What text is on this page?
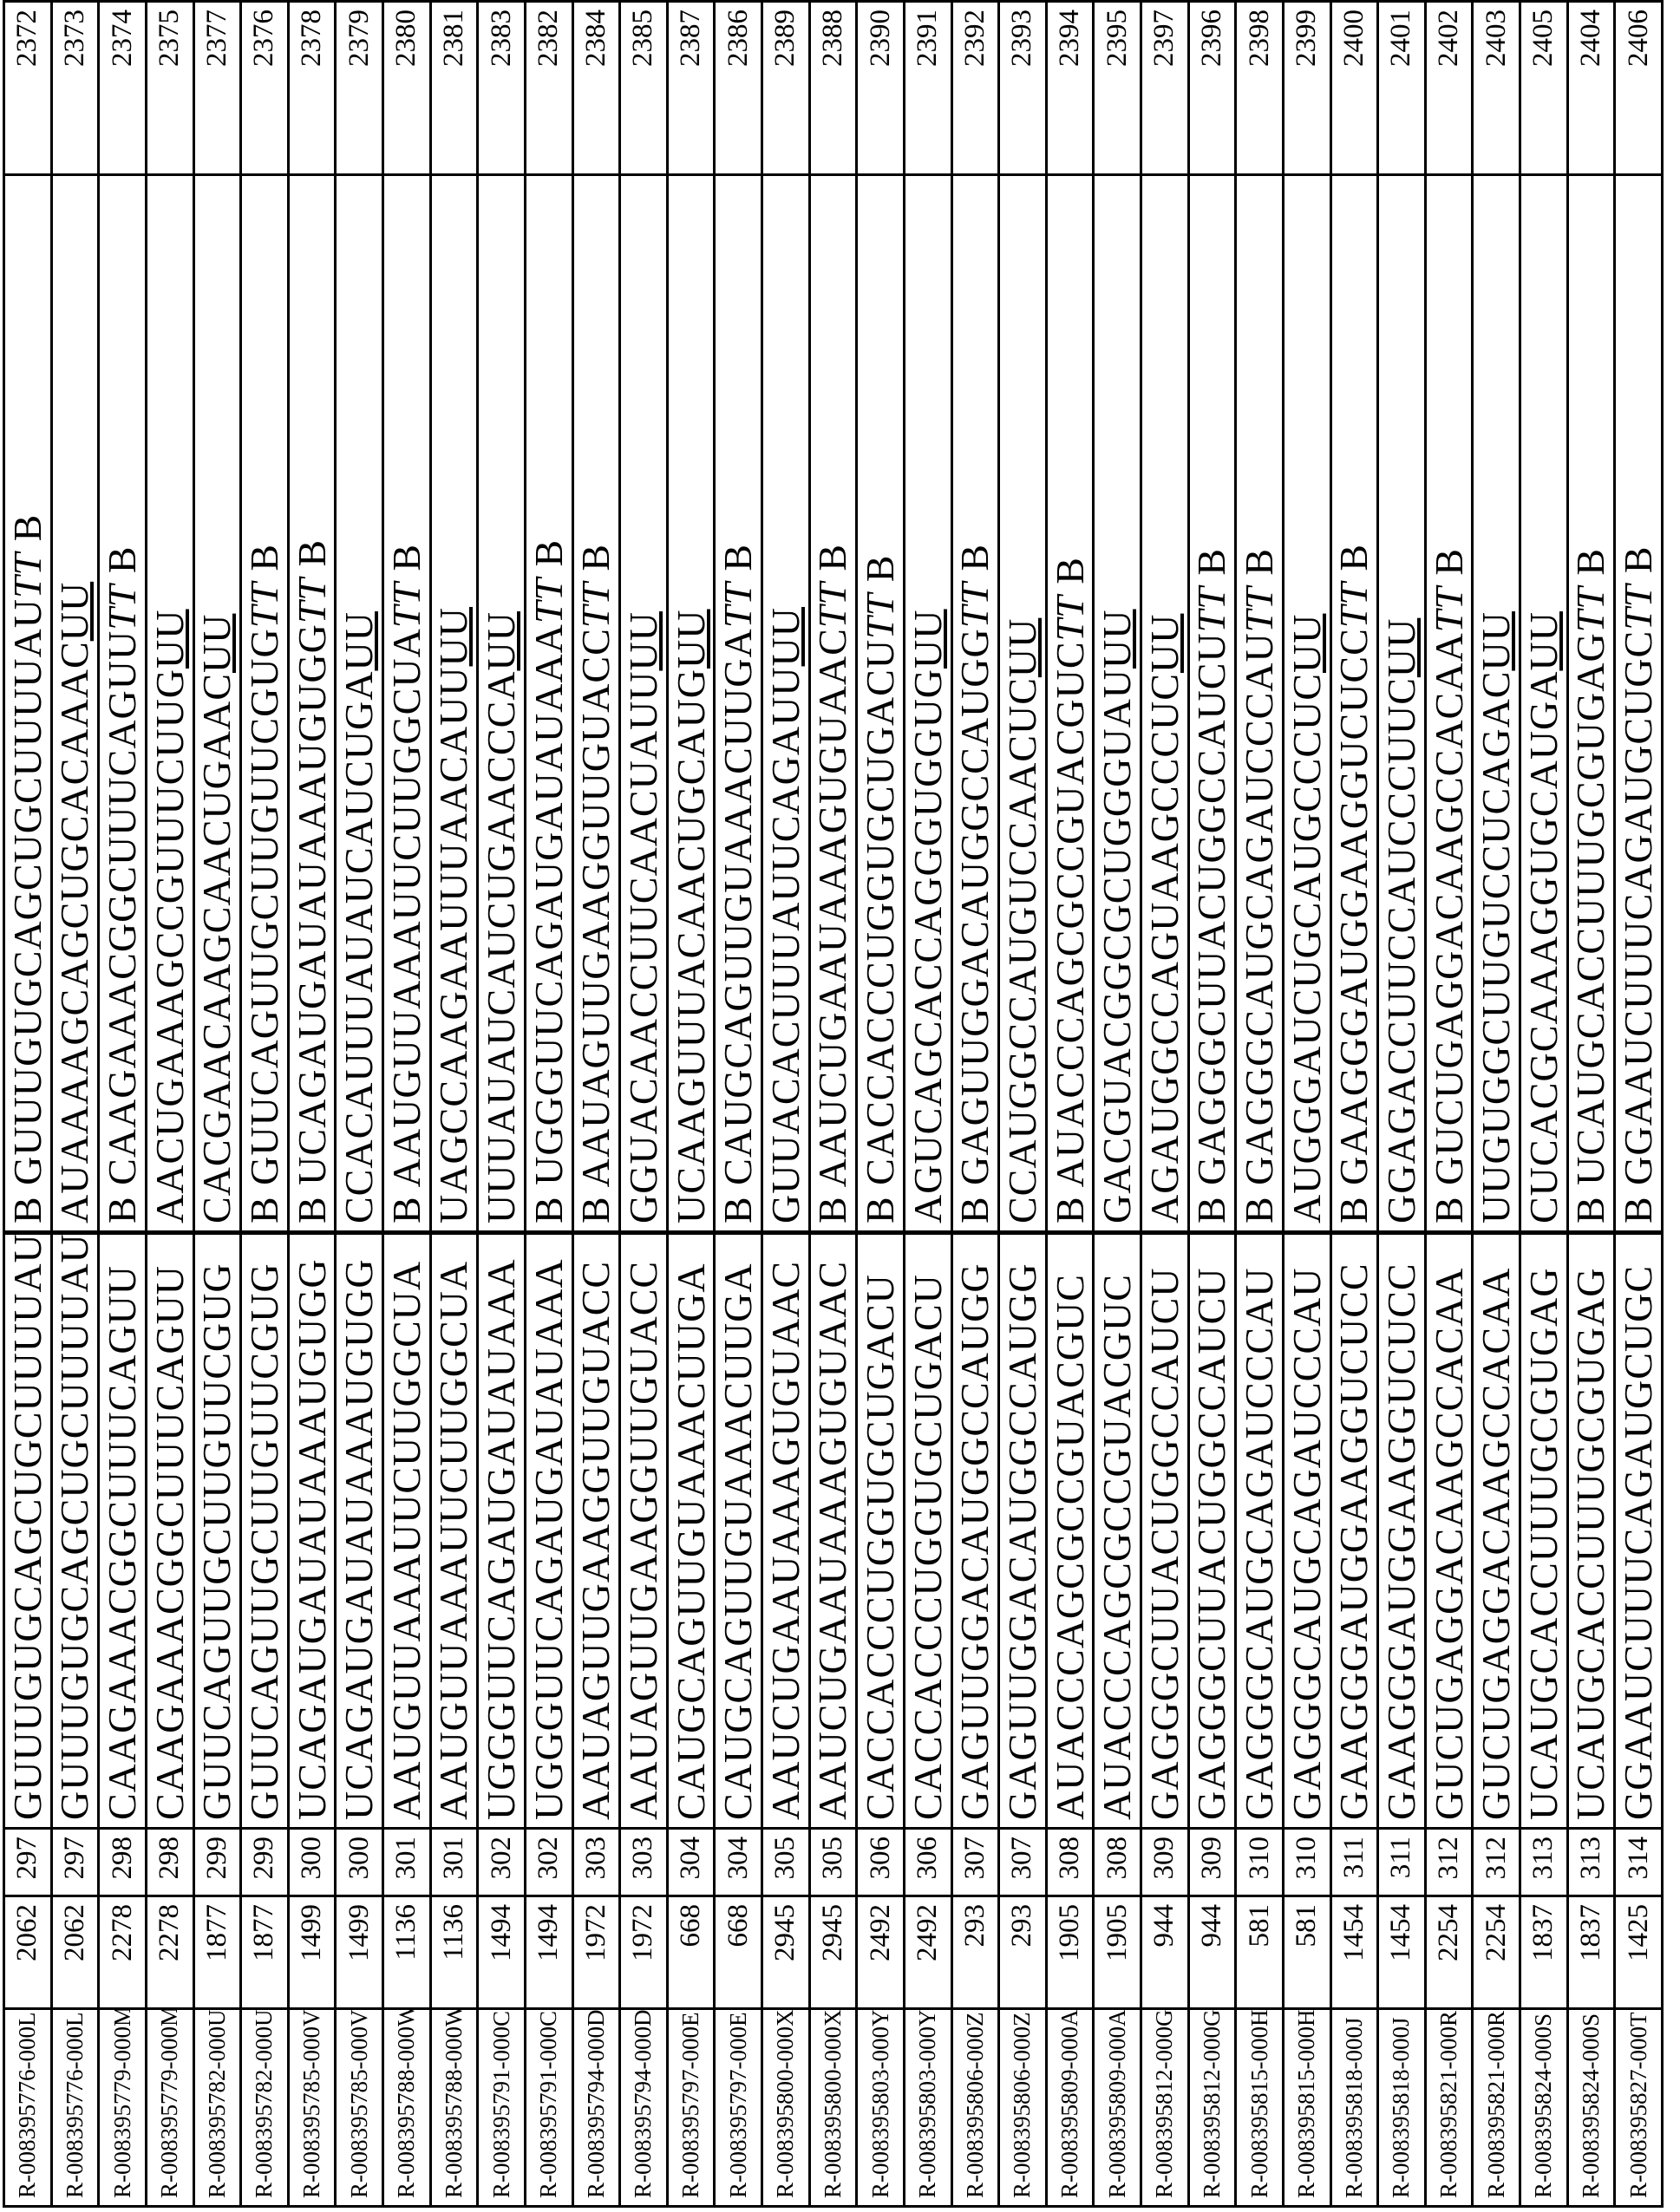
R-008395776-000L	2062	297	GUUUGUGCAGCUGCUUUUAU	B GUUUGUGCAGCUGCUUUUAUTT B	2372
R-008395776-000L	2062	297	GUUUGUGCAGCUGCUUUUAU	AUAAAAGCAGCUGCACAAACUU	2373
R-008395779-000M	2278	298	CAAGAAACGGCUUUCAGUU	B CAAGAAACGGCUUUCAGUUTT B	2374
R-008395779-000M	2278	298	CAAGAAACGGCUUUCAGUU	AACUGAAAGCCGUUUCUUGUU	2375
R-008395782-000U	1877	299	GUUCAGUUGCUUGUUCGUG	CACGAACAAGCAACUGAACUU	2377
R-008395782-000U	1877	299	GUUCAGUUGCUUGUUCGUG	B GUUCAGUUGCUUGUUCGUGTT B	2376
R-008395785-000V	1499	300	UCAGAUGAUAUAAAUGUGG	B UCAGAUGAUAUAAAUGUGGTT B	2378
R-008395785-000V	1499	300	UCAGAUGAUAUAAAUGUGG	CCACAUUUAUAUCAUCUGAUU	2379
R-008395788-000W	1136	301	AAUGUUAAAUUCUUGGCUA	B AAUGUUAAAUUCUUGGCUATT B	2380
R-008395788-000W	1136	301	AAUGUUAAAUUCUUGGCUA	UAGCCAAGAAUUUAACAUUUU	2381
R-008395791-000C	1494	302	UGGGUUCAGAUGAUAUAAA	UUUAUAUCAUCUGAACCCAUU	2383
R-008395791-000C	1494	302	UGGGUUCAGAUGAUAUAAA	B UGGGUUCAGAUGAUAUAAATT B	2382
R-008395794-000D	1972	303	AAUAGUUGAAGGUUGUACC	B AAUAGUUGAAGGUUGUACCTT B	2384
R-008395794-000D	1972	303	AAUAGUUGAAGGUUGUACC	GGUACAACCUUCAACUAUUUU	2385
R-008395797-000E	668	304	CAUGCAGUUGUAAACUUGA	UCAAGUUUACAACUGCAUGUU	2387
R-008395797-000E	668	304	CAUGCAGUUGUAAACUUGA	B CAUGCAGUUGUAAACUUGATT B	2386
R-008395800-000X	2945	305	AAUCUGAAUAAAGUGUAAC	GUUACACUUUAUUCAGAUUUU	2389
R-008395800-000X	2945	305	AAUCUGAAUAAAGUGUAAC	B AAUCUGAAUAAAGUGUAACTT B	2388
R-008395803-000Y	2492	306	CACCACCCUGGUGCUGACU	B CACCACCCUGGUGCUGACUTT B	2390
R-008395803-000Y	2492	306	CACCACCCUGGUGCUGACU	AGUCAGCACCAGGGUGGUGUU	2391
R-008395806-000Z	293	307	GAGUUGGACAUGGCCAUGG	B GAGUUGGACAUGGCCAUGGTT B	2392
R-008395806-000Z	293	307	GAGUUGGACAUGGCCAUGG	CCAUGGCCAUGUCCAACUCUU	2393
R-008395809-000A	1905	308	AUACCCAGCGCCGUACGUC	B AUACCCAGCGCCGUACGUCTT B	2394
R-008395809-000A	1905	308	AUACCCAGCGCCGUACGUC	GACGUACGGCGCUGGGUAUUU	2395
R-008395812-000G	944	309	GAGGGCUUACUGGCCAUCU	AGAUGGCCAGUAAGCCCUCUU	2397
R-008395812-000G	944	309	GAGGGCUUACUGGCCAUCU	B GAGGGCUUACUGGCCAUCUTT B	2396
R-008395815-000H	581	310	GAGGGCAUGCAGAUCCCAU	B GAGGGCAUGCAGAUCCCAUTT B	2398
R-008395815-000H	581	310	GAGGGCAUGCAGAUCCCAU	AUGGGAUCUGCAUGCCCUCUU	2399
R-008395818-000J	1454	311	GAAGGGAUGGAAGGUCUCC	B GAAGGGAUGGAAGGUCUCCTT B	2400
R-008395818-000J	1454	311	GAAGGGAUGGAAGGUCUCC	GGAGACCUUCCAUCCCUUCUU	2401
R-008395821-000R	2254	312	GUCUGAGGACAAGCCACAA	B GUCUGAGGACAAGCCACAATT B	2402
R-008395821-000R	2254	312	GUCUGAGGACAAGCCACAA	UUGUGGCUUGUCCUCAGACUU	2403
R-008395824-000S	1837	313	UCAUGCACCUUUGCGUGAG	CUCACGCAAAGGUGCAUGAUU	2405
R-008395824-000S	1837	313	UCAUGCACCUUUGCGUGAG	B UCAUGCACCUUUGCGUGAGTT B	2404
R-008395827-000T	1425	314	GGAAUCUUUCAGAUGCUGC	B GGAAUCUUUCAGAUGCUGCTT B	2406
